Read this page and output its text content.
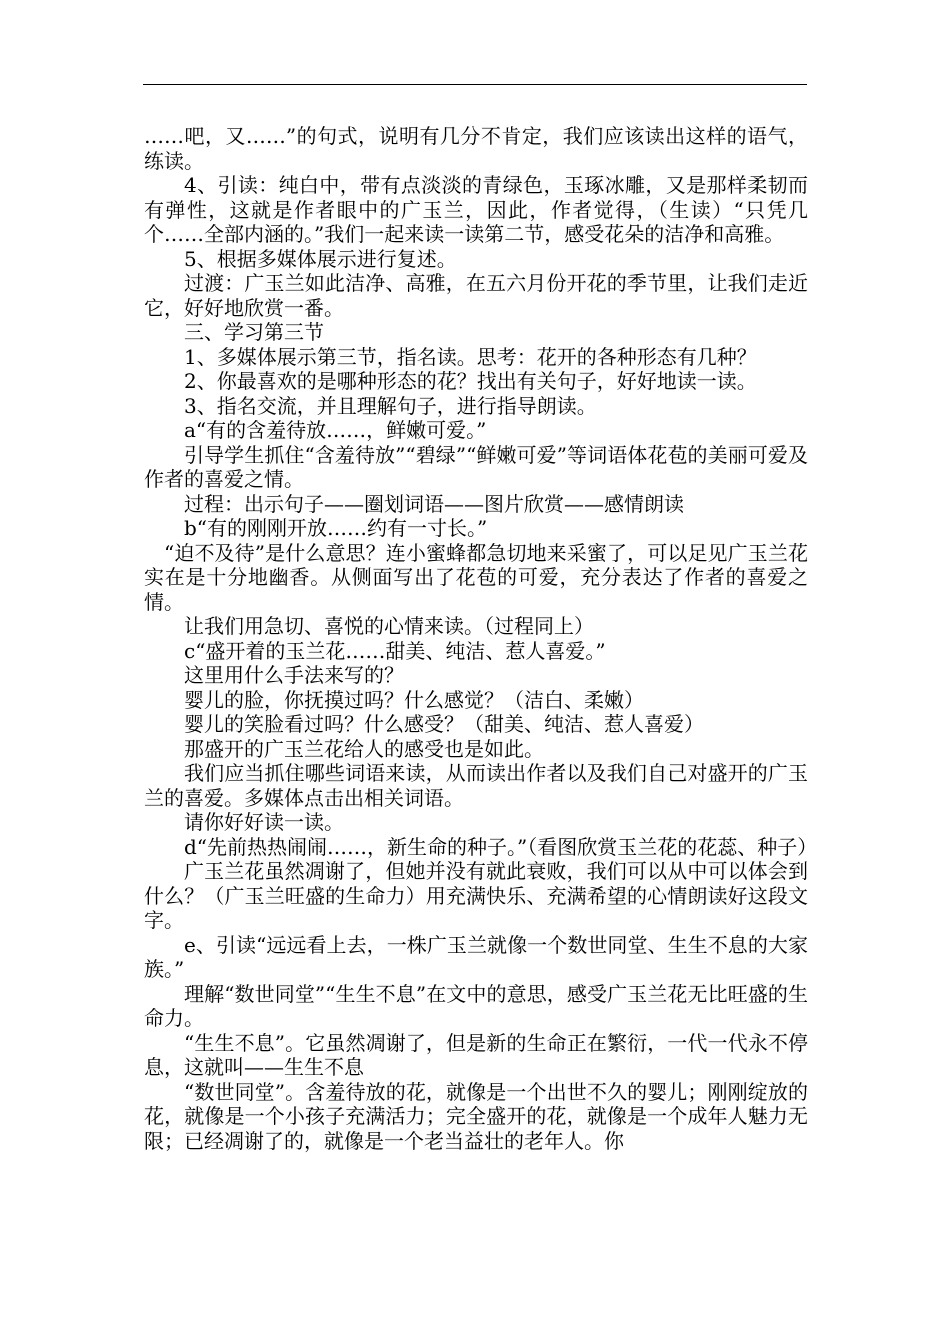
……吧，又……”的句式，说明有几分不肯定，我们应该读出这样的语气，练读。

4、引读：纯白中，带有点淡淡的青绿色，玉琢冰雕，又是那样柔韧而有弹性，这就是作者眼中的广玉兰，因此，作者觉得，（生读）“只凭几个……全部内涵的。”我们一起来读一读第二节，感受花朵的洁净和高雅。

5、根据多媒体展示进行复述。

过渡：广玉兰如此洁净、高雅，在五六月份开花的季节里，让我们走近它，好好地欣赏一番。

三、学习第三节

1、多媒体展示第三节，指名读。思考：花开的各种形态有几种？

2、你最喜欢的是哪种形态的花？找出有关句子，好好地读一读。

3、指名交流，并且理解句子，进行指导朗读。

a“有的含羞待放……，鲜嫩可爱。”

引导学生抓住“含羞待放”“碧绿”“鲜嫩可爱”等词语体花苞的美丽可爱及作者的喜爱之情。

过程：出示句子——圈划词语——图片欣赏——感情朗读

b“有的刚刚开放……约有一寸长。”

“迫不及待”是什么意思？连小蜜蜂都急切地来采蜜了，可以足见广玉兰花实在是十分地幽香。从侧面写出了花苞的可爱，充分表达了作者的喜爱之情。

让我们用急切、喜悦的心情来读。（过程同上）

c“盛开着的玉兰花……甜美、纯洁、惹人喜爱。”

这里用什么手法来写的？

婴儿的脸，你抚摸过吗？什么感觉？（洁白、柔嫩）

婴儿的笑脸看过吗？什么感受？（甜美、纯洁、惹人喜爱）

那盛开的广玉兰花给人的感受也是如此。

我们应当抓住哪些词语来读，从而读出作者以及我们自己对盛开的广玉兰的喜爱。多媒体点击出相关词语。

请你好好读一读。

d“先前热热闹闹……，新生命的种子。”（看图欣赏玉兰花的花蕊、种子）

广玉兰花虽然凋谢了，但她并没有就此衰败，我们可以从中可以体会到什么？（广玉兰旺盛的生命力）用充满快乐、充满希望的心情朗读好这段文字。

e、引读“远远看上去，一株广玉兰就像一个数世同堂、生生不息的大家族。”

理解“数世同堂”“生生不息”在文中的意思，感受广玉兰花无比旺盛的生命力。

“生生不息”。它虽然凋谢了，但是新的生命正在繁衍，一代一代永不停息，这就叫——生生不息

“数世同堂”。含羞待放的花，就像是一个出世不久的婴儿；刚刚绽放的花，就像是一个小孩子充满活力；完全盛开的花，就像是一个成年人魅力无限；已经凋谢了的，就像是一个老当益壮的老年人。你
